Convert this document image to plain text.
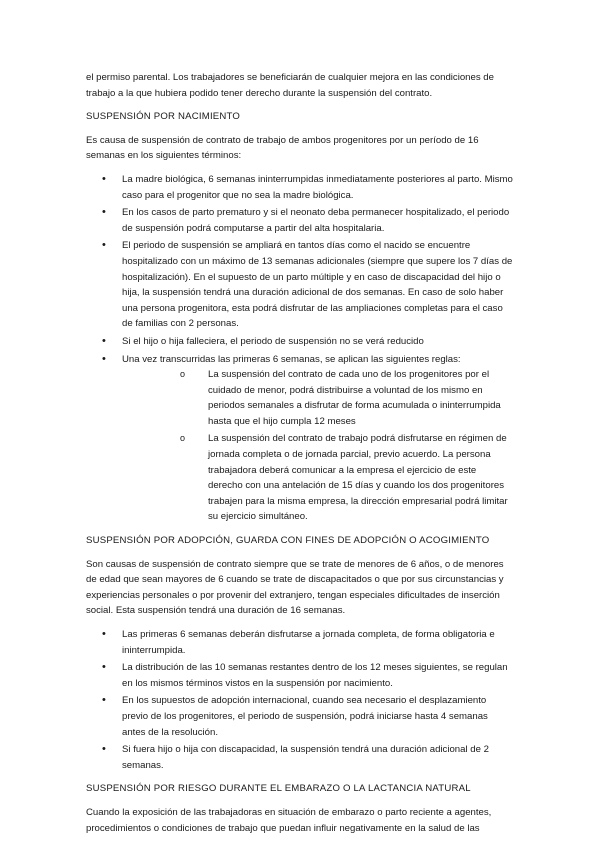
el permiso parental. Los trabajadores se beneficiarán de cualquier mejora en las condiciones de trabajo a la que hubiera podido tener derecho durante la suspensión del contrato.

SUSPENSIÓN POR NACIMIENTO

Es causa de suspensión de contrato de trabajo de ambos progenitores por un período de 16 semanas en los siguientes términos:

• La madre biológica, 6 semanas ininterrumpidas inmediatamente posteriores al parto. Mismo caso para el progenitor que no sea la madre biológica.
• En los casos de parto prematuro y si el neonato deba permanecer hospitalizado, el periodo de suspensión podrá computarse a partir del alta hospitalaria.
• El periodo de suspensión se ampliará en tantos días como el nacido se encuentre hospitalizado con un máximo de 13 semanas adicionales (siempre que supere los 7 días de hospitalización). En el supuesto de un parto múltiple y en caso de discapacidad del hijo o hija, la suspensión tendrá una duración adicional de dos semanas. En caso de solo haber una persona progenitora, esta podrá disfrutar de las ampliaciones completas para el caso de familias con 2 personas.
• Si el hijo o hija falleciera, el periodo de suspensión no se verá reducido
• Una vez transcurridas las primeras 6 semanas, se aplican las siguientes reglas:
o La suspensión del contrato de cada uno de los progenitores por el cuidado de menor, podrá distribuirse a voluntad de los mismo en periodos semanales a disfrutar de forma acumulada o ininterrumpida hasta que el hijo cumpla 12 meses
o La suspensión del contrato de trabajo podrá disfrutarse en régimen de jornada completa o de jornada parcial, previo acuerdo. La persona trabajadora deberá comunicar a la empresa el ejercicio de este derecho con una antelación de 15 días y cuando los dos progenitores trabajen para la misma empresa, la dirección empresarial podrá limitar su ejercicio simultáneo.
SUSPENSIÓN POR ADOPCIÓN, GUARDA CON FINES DE ADOPCIÓN O ACOGIMIENTO

Son causas de suspensión de contrato siempre que se trate de menores de 6 años, o de menores de edad que sean mayores de 6 cuando se trate de discapacitados o que por sus circunstancias y experiencias personales o por provenir del extranjero, tengan especiales dificultades de inserción social. Esta suspensión tendrá una duración de 16 semanas.

• Las primeras 6 semanas deberán disfrutarse a jornada completa, de forma obligatoria e ininterrumpida.
• La distribución de las 10 semanas restantes dentro de los 12 meses siguientes, se regulan en los mismos términos vistos en la suspensión por nacimiento.
• En los supuestos de adopción internacional, cuando sea necesario el desplazamiento previo de los progenitores, el periodo de suspensión, podrá iniciarse hasta 4 semanas antes de la resolución.
• Si fuera hijo o hija con discapacidad, la suspensión tendrá una duración adicional de 2 semanas.
SUSPENSIÓN POR RIESGO DURANTE EL EMBARAZO O LA LACTANCIA NATURAL

Cuando la exposición de las trabajadoras en situación de embarazo o parto reciente a agentes, procedimientos o condiciones de trabajo que puedan influir negativamente en la salud de las
